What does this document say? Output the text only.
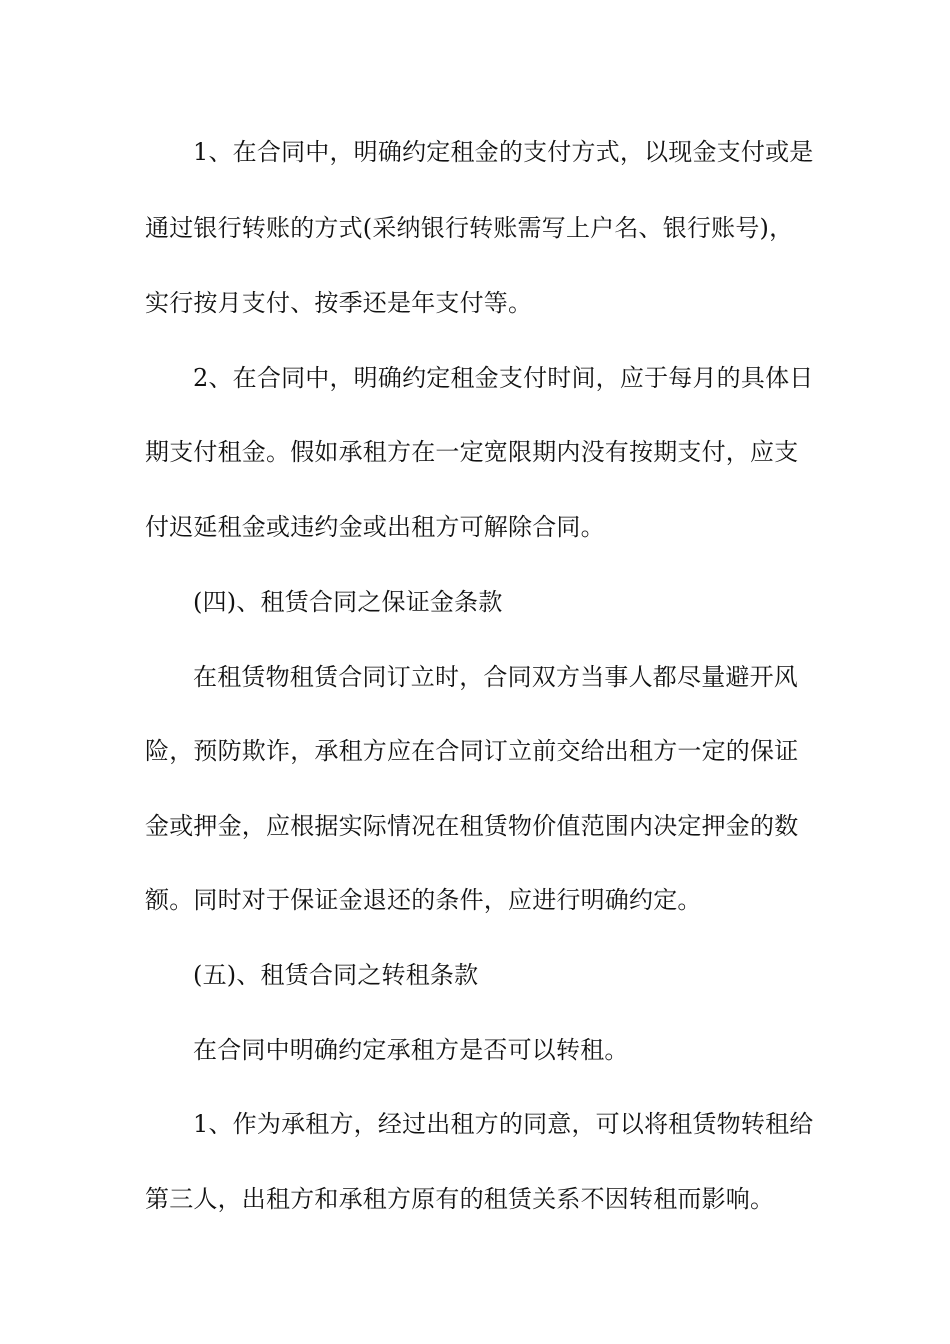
1、在合同中，明确约定租金的支付方式，以现金支付或是

通过银行转账的方式(采纳银行转账需写上户名、银行账号)，

实行按月支付、按季还是年支付等。

2、在合同中，明确约定租金支付时间，应于每月的具体日

期支付租金。假如承租方在一定宽限期内没有按期支付，应支

付迟延租金或违约金或出租方可解除合同。

(四)、租赁合同之保证金条款

在租赁物租赁合同订立时，合同双方当事人都尽量避开风

险，预防欺诈，承租方应在合同订立前交给出租方一定的保证

金或押金，应根据实际情况在租赁物价值范围内决定押金的数

额。同时对于保证金退还的条件，应进行明确约定。

(五)、租赁合同之转租条款

在合同中明确约定承租方是否可以转租。

1、作为承租方，经过出租方的同意，可以将租赁物转租给

第三人，出租方和承租方原有的租赁关系不因转租而影响。
